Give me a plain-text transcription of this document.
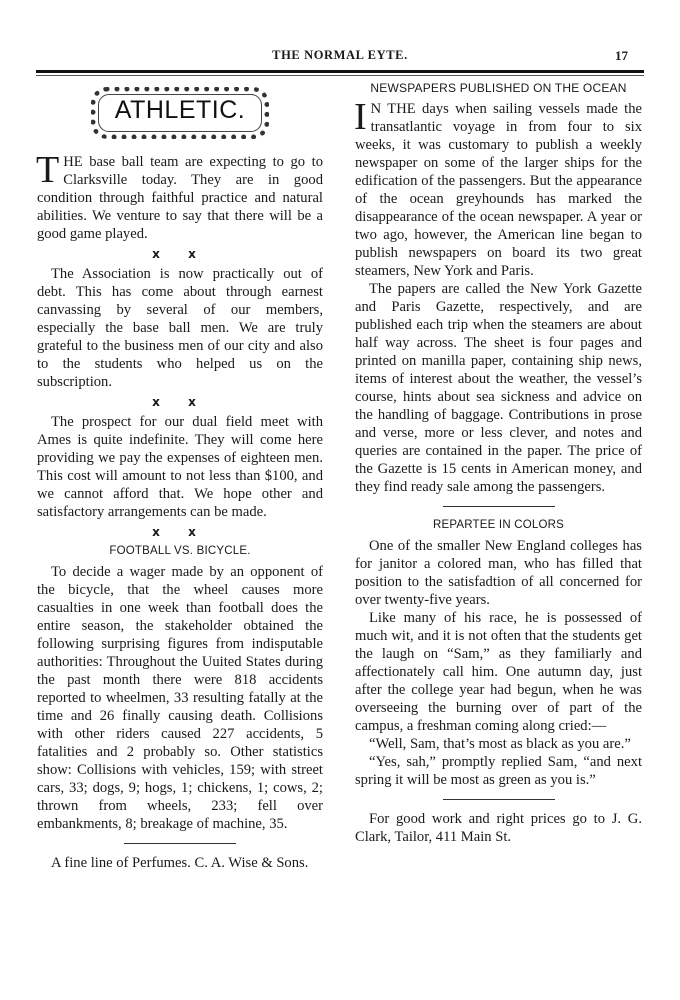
THE NORMAL EYTE.	17
ATHLETIC.

THE base ball team are expecting to go to Clarksville today. They are in good condition through faithful practice and natural abilities. We venture to say that there will be a good game played.

x x

The Association is now practically out of debt. This has come about through earnest canvassing by several of our members, especially the base ball men. We are truly grateful to the business men of our city and also to the students who helped us on the subscription.

x x

The prospect for our dual field meet with Ames is quite indefinite. They will come here providing we pay the expenses of eighteen men. This cost will amount to not less than $100, and we cannot afford that. We hope other and satisfactory arrangements can be made.

x x
FOOTBALL VS. BICYCLE.

To decide a wager made by an opponent of the bicycle, that the wheel causes more casualties in one week than football does the entire season, the stakeholder obtained the following surprising figures from indisputable authorities: Throughout the Uuited States during the past month there were 818 accidents reported to wheelmen, 33 resulting fatally at the time and 26 finally causing death. Collisions with other riders caused 227 accidents, 5 fatalities and 2 probably so. Other statistics show: Collisions with vehicles, 159; with street cars, 33; dogs, 9; hogs, 1; chickens, 1; cows, 2; thrown from wheels, 233; fell over embankments, 8; breakage of machine, 35.

A fine line of Perfumes. C. A. Wise & Sons.

NEWSPAPERS PUBLISHED ON THE OCEAN

I N THE days when sailing vessels made the transatlantic voyage in from four to six weeks, it was customary to publish a weekly newspaper on some of the larger ships for the edification of the passengers. But the appearance of the ocean greyhounds has marked the disappearance of the ocean newspaper. A year or two ago, however, the American line began to publish newspapers on board its two great steamers, New York and Paris.

The papers are called the New York Gazette and Paris Gazette, respectively, and are published each trip when the steamers are about half way across. The sheet is four pages and printed on manilla paper, containing ship news, items of interest about the weather, the vessel’s course, hints about sea sickness and advice on the handling of baggage. Contributions in prose and verse, more or less clever, and notes and queries are contained in the paper. The price of the Gazette is 15 cents in American money, and they find ready sale among the passengers.

REPARTEE IN COLORS

One of the smaller New England colleges has for janitor a colored man, who has filled that position to the satisfadtion of all concerned for over twenty-five years.

Like many of his race, he is possessed of much wit, and it is not often that the students get the laugh on “Sam,” as they familiarly and affectionately call him. One autumn day, just after the college year had begun, when he was overseeing the burning over of part of the campus, a freshman coming along cried:—

“Well, Sam, that’s most as black as you are.”

“Yes, sah,” promptly replied Sam, “and next spring it will be most as green as you is.”

For good work and right prices go to J. G. Clark, Tailor, 411 Main St.
